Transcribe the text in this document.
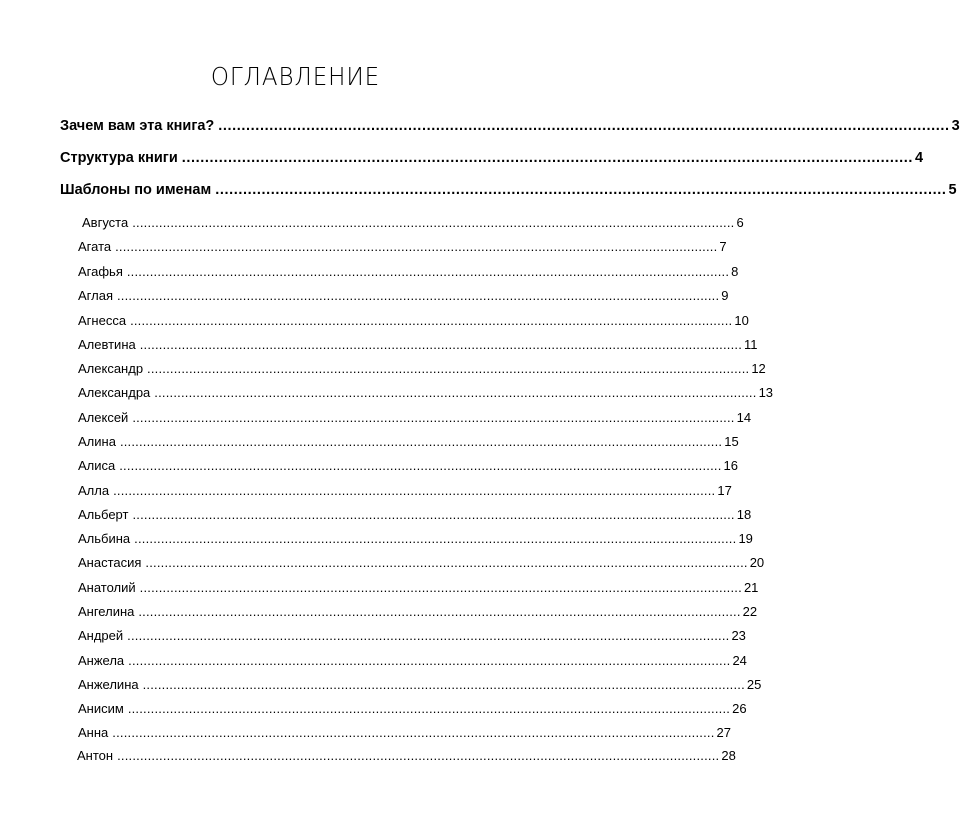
ОГЛАВЛЕНИЕ
Зачем вам эта книга? .............................................................................................................................................................. 3
Структура книги .............................................................................................................................................................. 4
Шаблоны по именам .............................................................................................................................................................. 5
Августа .............................................................................................................................................................. 6
Агата .............................................................................................................................................................. 7
Агафья .............................................................................................................................................................. 8
Аглая .............................................................................................................................................................. 9
Агнесса .............................................................................................................................................................. 10
Алевтина .............................................................................................................................................................. 11
Александр .............................................................................................................................................................. 12
Александра .............................................................................................................................................................. 13
Алексей .............................................................................................................................................................. 14
Алина .............................................................................................................................................................. 15
Алиса .............................................................................................................................................................. 16
Алла .............................................................................................................................................................. 17
Альберт .............................................................................................................................................................. 18
Альбина .............................................................................................................................................................. 19
Анастасия .............................................................................................................................................................. 20
Анатолий .............................................................................................................................................................. 21
Ангелина .............................................................................................................................................................. 22
Андрей .............................................................................................................................................................. 23
Анжела .............................................................................................................................................................. 24
Анжелина .............................................................................................................................................................. 25
Анисим .............................................................................................................................................................. 26
Анна .............................................................................................................................................................. 27
Антон .............................................................................................................................................................. 28
